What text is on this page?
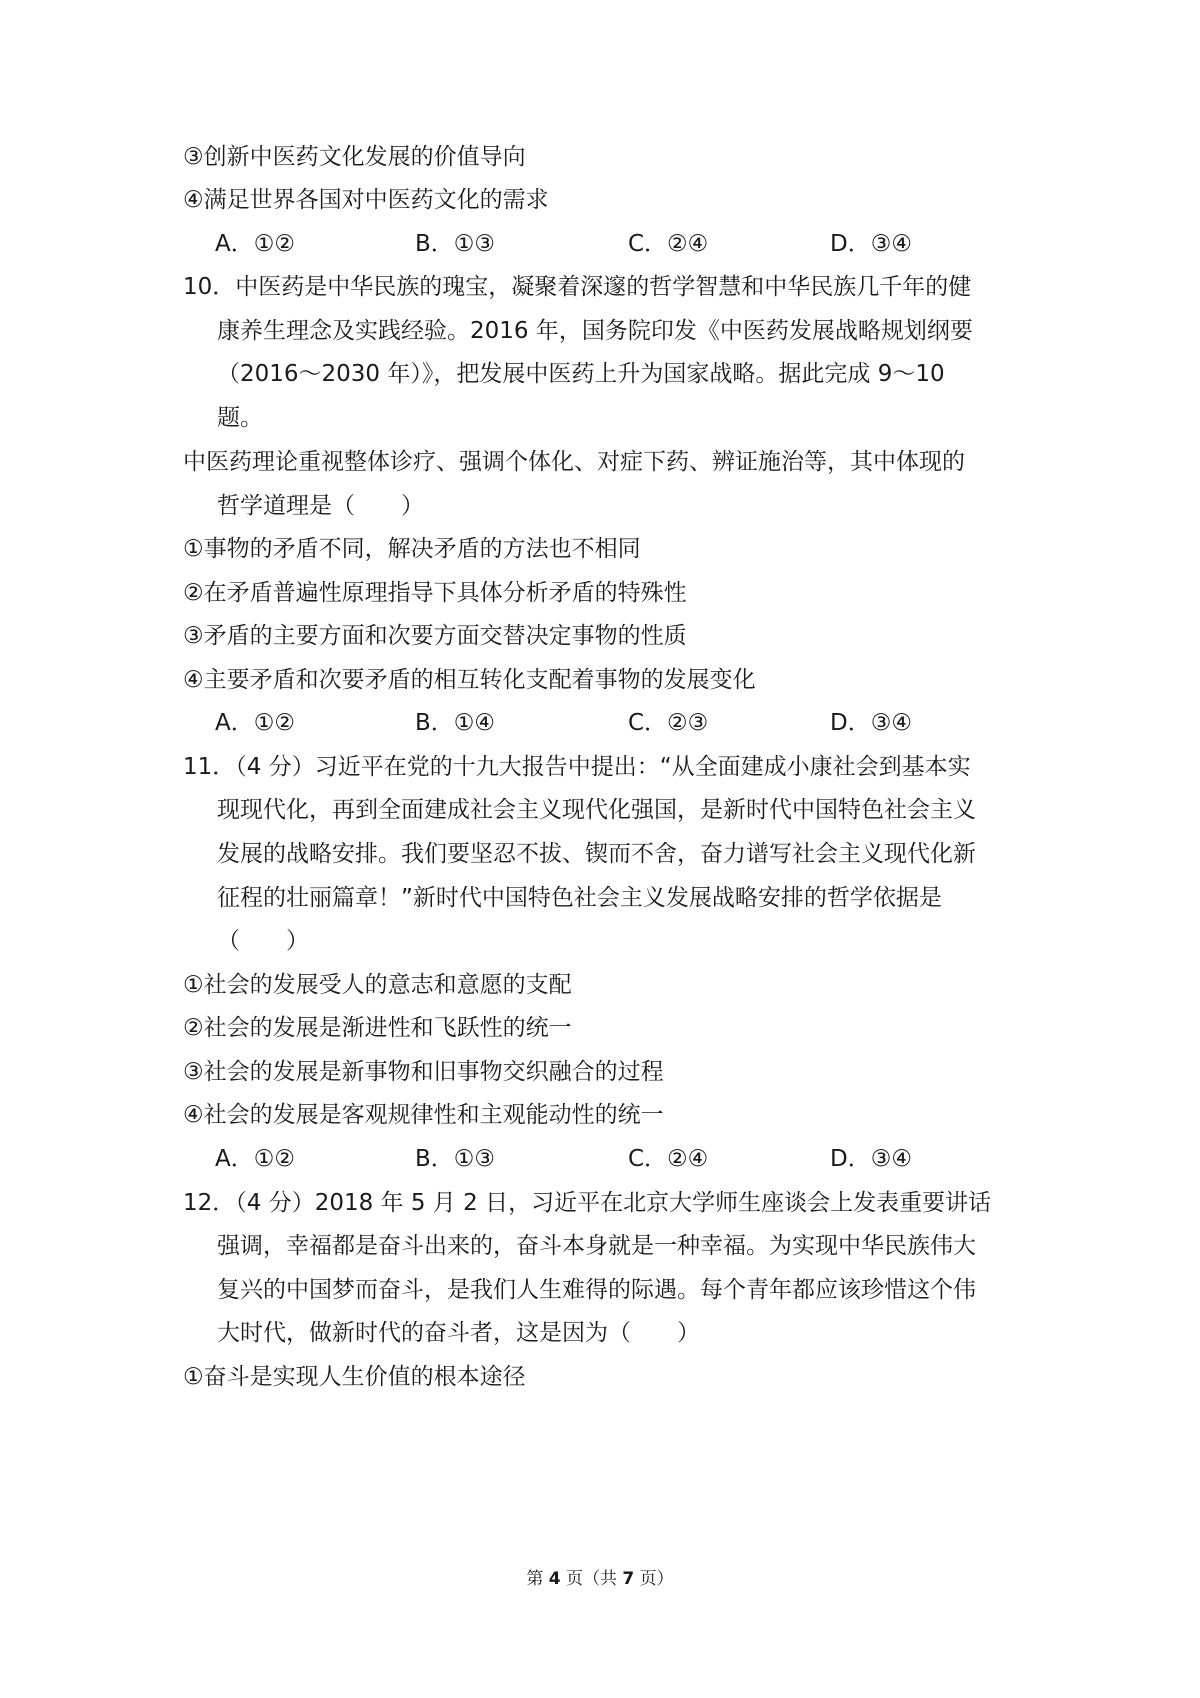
③创新中医药文化发展的价值导向
④满足世界各国对中医药文化的需求
A．①②	B．①③	C．②④	D．③④
10．中医药是中华民族的瑰宝，凝聚着深邃的哲学智慧和中华民族几千年的健
康养生理念及实践经验。2016 年，国务院印发《中医药发展战略规划纲要
（2016～2030 年）》，把发展中医药上升为国家战略。据此完成 9～10
题。
中医药理论重视整体诊疗、强调个体化、对症下药、辨证施治等，其中体现的
哲学道理是（　　）
①事物的矛盾不同，解决矛盾的方法也不相同
②在矛盾普遍性原理指导下具体分析矛盾的特殊性
③矛盾的主要方面和次要方面交替决定事物的性质
④主要矛盾和次要矛盾的相互转化支配着事物的发展变化
A．①②	B．①④	C．②③	D．③④
11．（4 分）习近平在党的十九大报告中提出：“从全面建成小康社会到基本实
现现代化，再到全面建成社会主义现代化强国，是新时代中国特色社会主义
发展的战略安排。我们要坚忍不拔、锲而不舍，奋力谱写社会主义现代化新
征程的壮丽篇章！”新时代中国特色社会主义发展战略安排的哲学依据是
（　　）
①社会的发展受人的意志和意愿的支配
②社会的发展是渐进性和飞跃性的统一
③社会的发展是新事物和旧事物交织融合的过程
④社会的发展是客观规律性和主观能动性的统一
A．①②	B．①③	C．②④	D．③④
12．（4 分）2018 年 5 月 2 日，习近平在北京大学师生座谈会上发表重要讲话
强调，幸福都是奋斗出来的，奋斗本身就是一种幸福。为实现中华民族伟大
复兴的中国梦而奋斗，是我们人生难得的际遇。每个青年都应该珍惜这个伟
大时代，做新时代的奋斗者，这是因为（　　）
①奋斗是实现人生价值的根本途径
第 4 页（共 7 页）
